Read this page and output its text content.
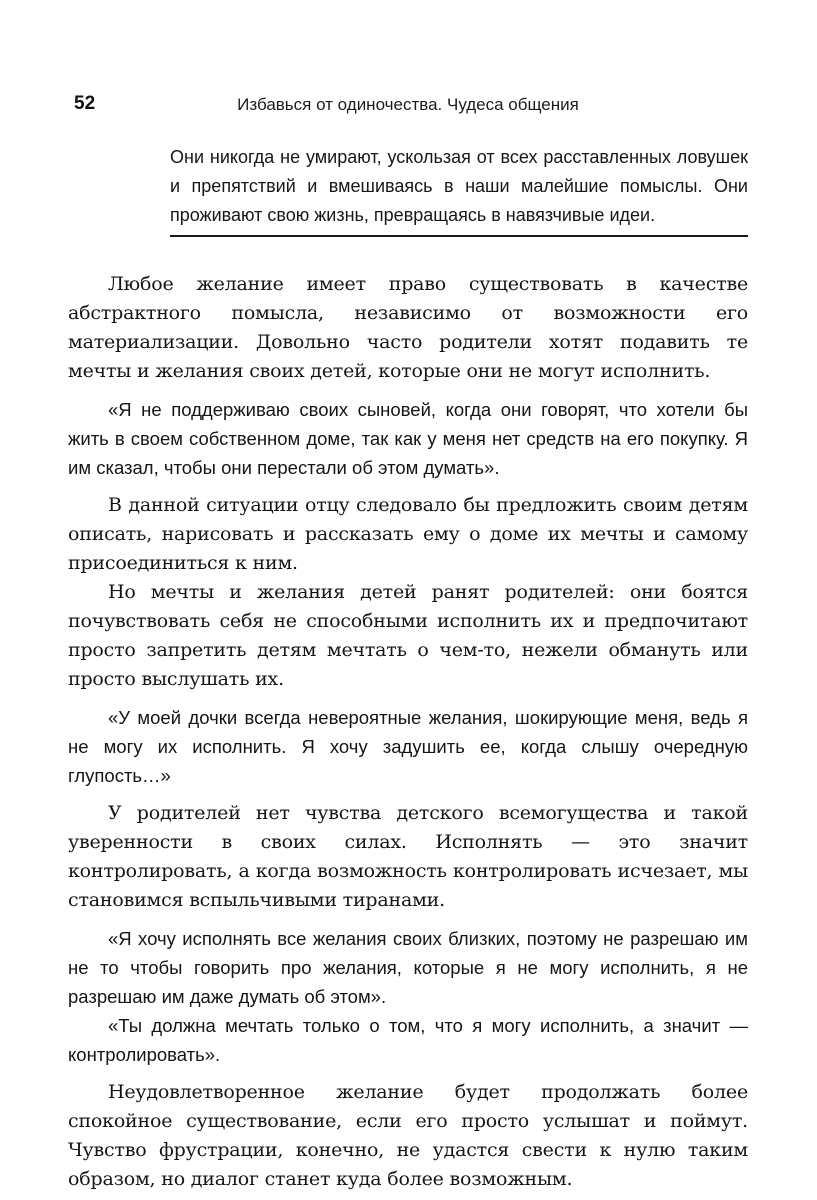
52	Избавься от одиночества. Чудеса общения

Они никогда не умирают, ускользая от всех расставленных ловушек и препятствий и вмешиваясь в наши малейшие помыслы. Они проживают свою жизнь, превращаясь в навязчивые идеи.

Любое желание имеет право существовать в качестве абстрактного помысла, независимо от возможности его материализации. Довольно часто родители хотят подавить те мечты и желания своих детей, которые они не могут исполнить.

«Я не поддерживаю своих сыновей, когда они говорят, что хотели бы жить в своем собственном доме, так как у меня нет средств на его покупку. Я им сказал, чтобы они перестали об этом думать».

В данной ситуации отцу следовало бы предложить своим детям описать, нарисовать и рассказать ему о доме их мечты и самому присоединиться к ним.

Но мечты и желания детей ранят родителей: они боятся почувствовать себя не способными исполнить их и предпочитают просто запретить детям мечтать о чем-то, нежели обмануть или просто выслушать их.

«У моей дочки всегда невероятные желания, шокирующие меня, ведь я не могу их исполнить. Я хочу задушить ее, когда слышу очередную глупость…»

У родителей нет чувства детского всемогущества и такой уверенности в своих силах. Исполнять — это значит контролировать, а когда возможность контролировать исчезает, мы становимся вспыльчивыми тиранами.

«Я хочу исполнять все желания своих близких, поэтому не разрешаю им не то чтобы говорить про желания, которые я не могу исполнить, я не разрешаю им даже думать об этом».

«Ты должна мечтать только о том, что я могу исполнить, а значит — контролировать».

Неудовлетворенное желание будет продолжать более спокойное существование, если его просто услышат и поймут. Чувство фрустрации, конечно, не удастся свести к нулю таким образом, но диалог станет куда более возможным.
